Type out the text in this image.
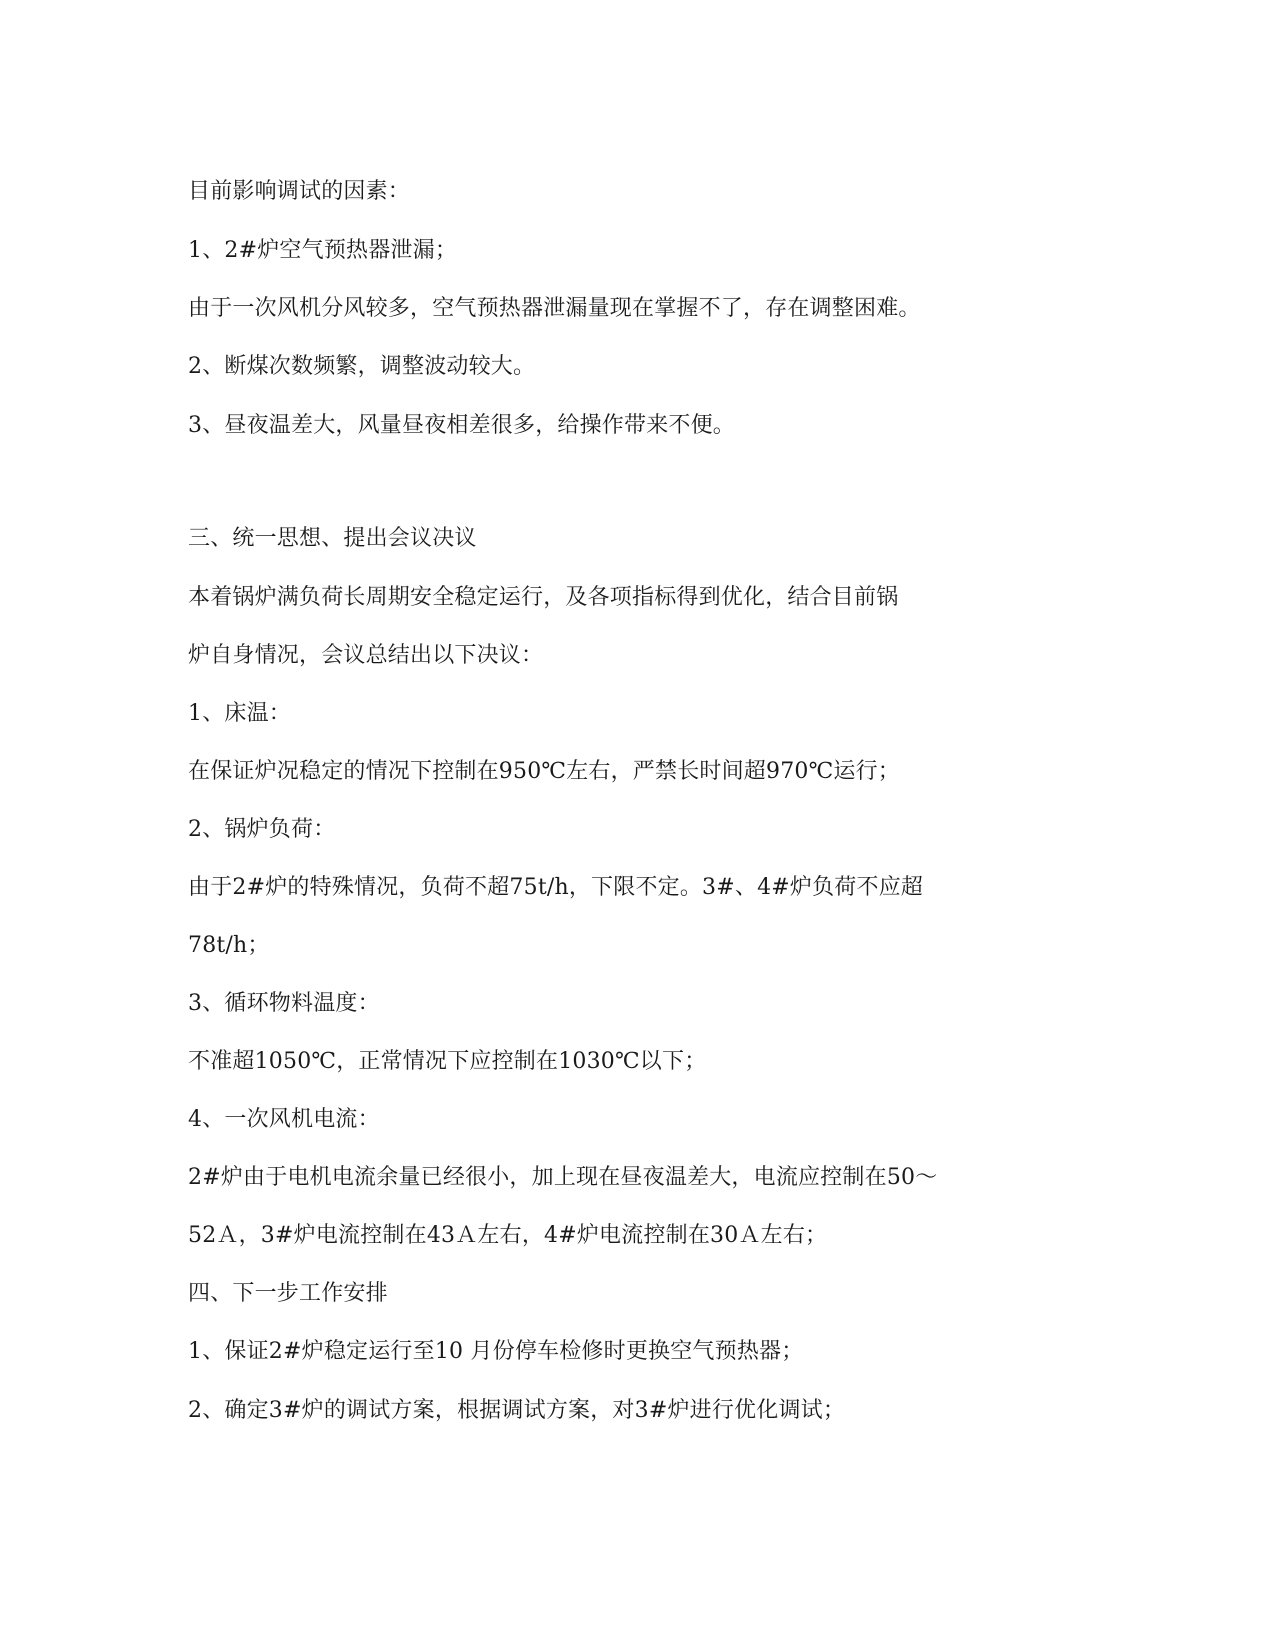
目前影响调试的因素：
1、2#炉空气预热器泄漏；
由于一次风机分风较多，空气预热器泄漏量现在掌握不了，存在调整困难。
2、断煤次数频繁，调整波动较大。
3、昼夜温差大，风量昼夜相差很多，给操作带来不便。
三、统一思想、提出会议决议
本着锅炉满负荷长周期安全稳定运行，及各项指标得到优化，结合目前锅
炉自身情况，会议总结出以下决议：
1、床温：
在保证炉况稳定的情况下控制在950℃左右，严禁长时间超970℃运行；
2、锅炉负荷：
由于2#炉的特殊情况，负荷不超75t/h，下限不定。3#、4#炉负荷不应超
78t/h；
3、循环物料温度：
不准超1050℃，正常情况下应控制在1030℃以下；
4、一次风机电流：
2#炉由于电机电流余量已经很小，加上现在昼夜温差大，电流应控制在50～
52Ａ，3#炉电流控制在43Ａ左右，4#炉电流控制在30Ａ左右；
四、下一步工作安排
1、保证2#炉稳定运行至10 月份停车检修时更换空气预热器；
2、确定3#炉的调试方案，根据调试方案，对3#炉进行优化调试；
